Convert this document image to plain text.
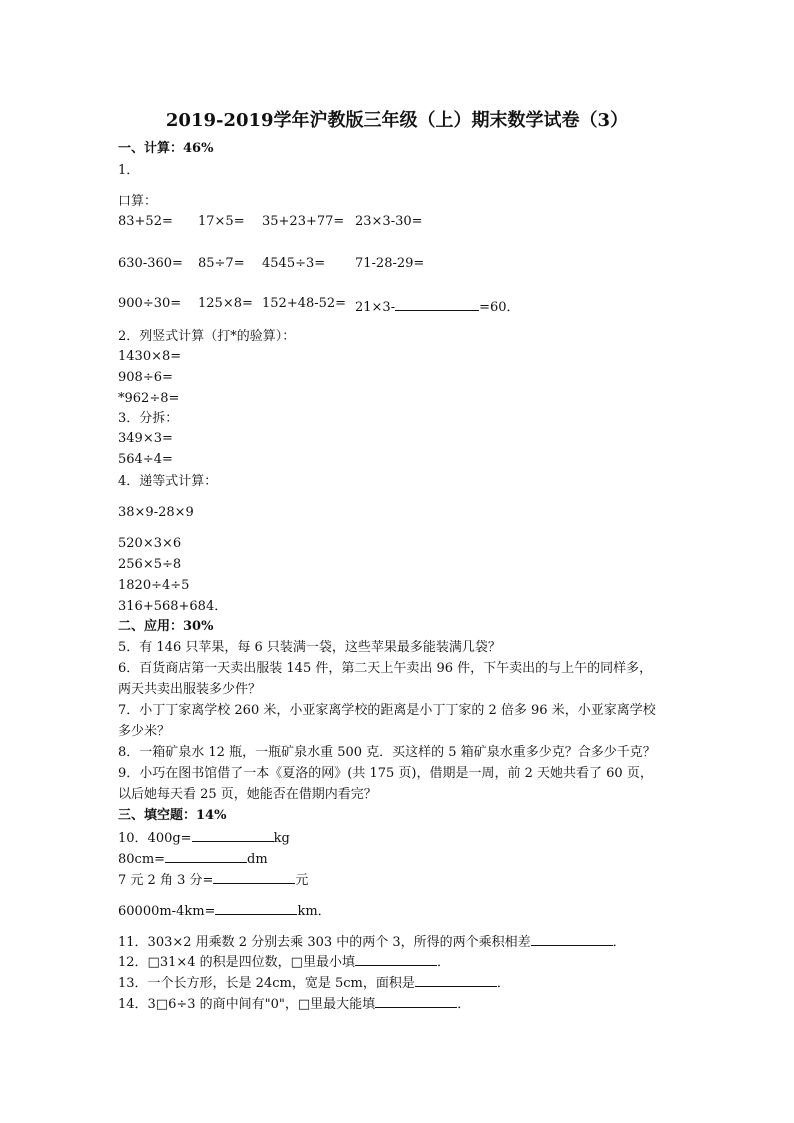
2019-2019学年沪教版三年级（上）期末数学试卷（3）
一、计算：46%
1．
口算：
83+52= 17×5= 35+23+77= 23×3-30=
630-360= 85÷7= 4545÷3= 71-28-29=
900÷30= 125×8= 152+48-52= 21×3-	=60．
2．列竖式计算（打*的验算）：
1430×8=
908÷6=
*962÷8=
3．分拆：
349×3=
564÷4=
4．递等式计算：
38×9-28×9
520×3×6
256×5÷8
1820÷4÷5
316+568+684．
二、应用：30%
5．有 146 只苹果，每 6 只装满一袋，这些苹果最多能装满几袋？
6．百货商店第一天卖出服装 145 件，第二天上午卖出 96 件，下午卖出的与上午的同样多，
两天共卖出服装多少件？
7．小丁丁家离学校 260 米，小亚家离学校的距离是小丁丁家的 2 倍多 96 米，小亚家离学校
多少米？
8．一箱矿泉水 12 瓶，一瓶矿泉水重 500 克．买这样的 5 箱矿泉水重多少克？合多少千克？
9．小巧在图书馆借了一本《夏洛的网》(共 175 页)，借期是一周，前 2 天她共看了 60 页，
以后她每天看 25 页，她能否在借期内看完？
三、填空题：14%
10．400g=	kg
80cm=	dm
7 元 2 角 3 分=	元
60000m-4km=	km．
11．303×2 用乘数 2 分别去乘 303 中的两个 3，所得的两个乘积相差	．
12．□31×4 的积是四位数，□里最小填	．
13．一个长方形，长是 24cm，宽是 5cm，面积是	．
14．3□6÷3 的商中间有"0"，□里最大能填	．
